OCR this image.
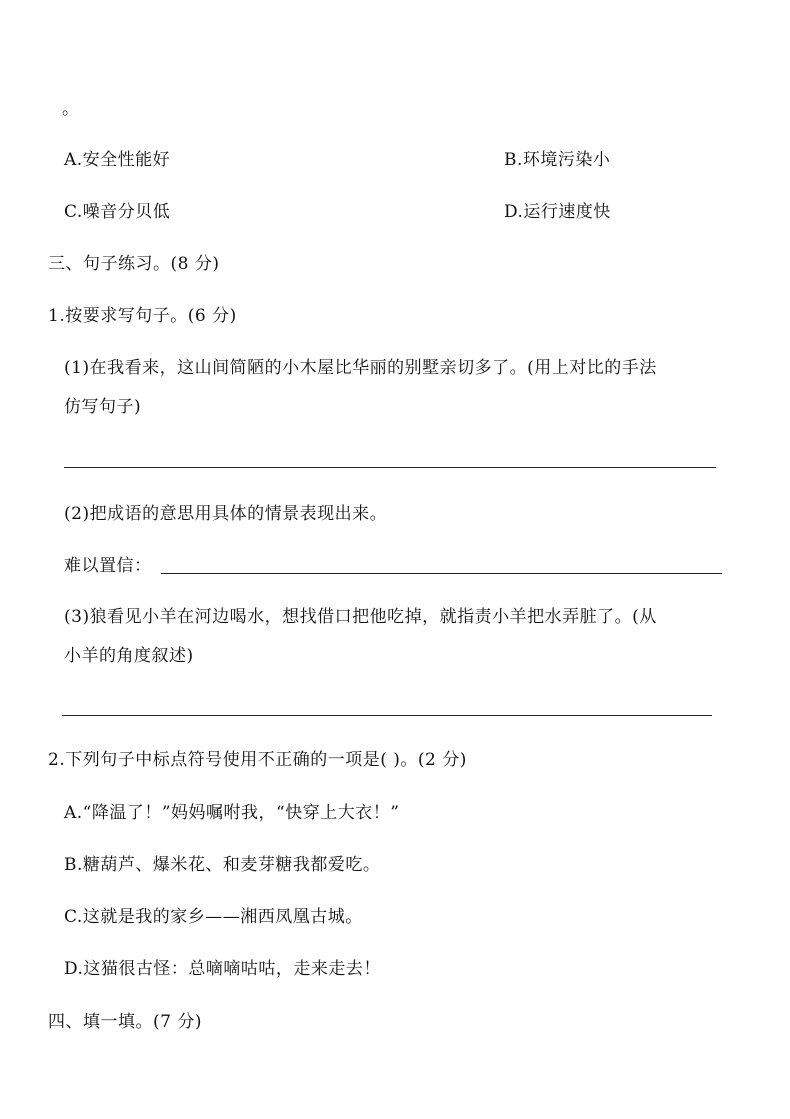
。
A.安全性能好	B.环境污染小
C.噪音分贝低	D.运行速度快
三、句子练习。(8 分)
1.按要求写句子。(6 分)
(1)在我看来，这山间简陋的小木屋比华丽的别墅亲切多了。(用上对比的手法
仿写句子)
(2)把成语的意思用具体的情景表现出来。
难以置信：
(3)狼看见小羊在河边喝水，想找借口把他吃掉，就指责小羊把水弄脏了。(从
小羊的角度叙述)
2.下列句子中标点符号使用不正确的一项是( )。(2 分)
A.“降温了！”妈妈嘱咐我，“快穿上大衣！”
B.糖葫芦、爆米花、和麦芽糖我都爱吃。
C.这就是我的家乡——湘西凤凰古城。
D.这猫很古怪：总嘀嘀咕咕，走来走去！
四、填一填。(7 分)
